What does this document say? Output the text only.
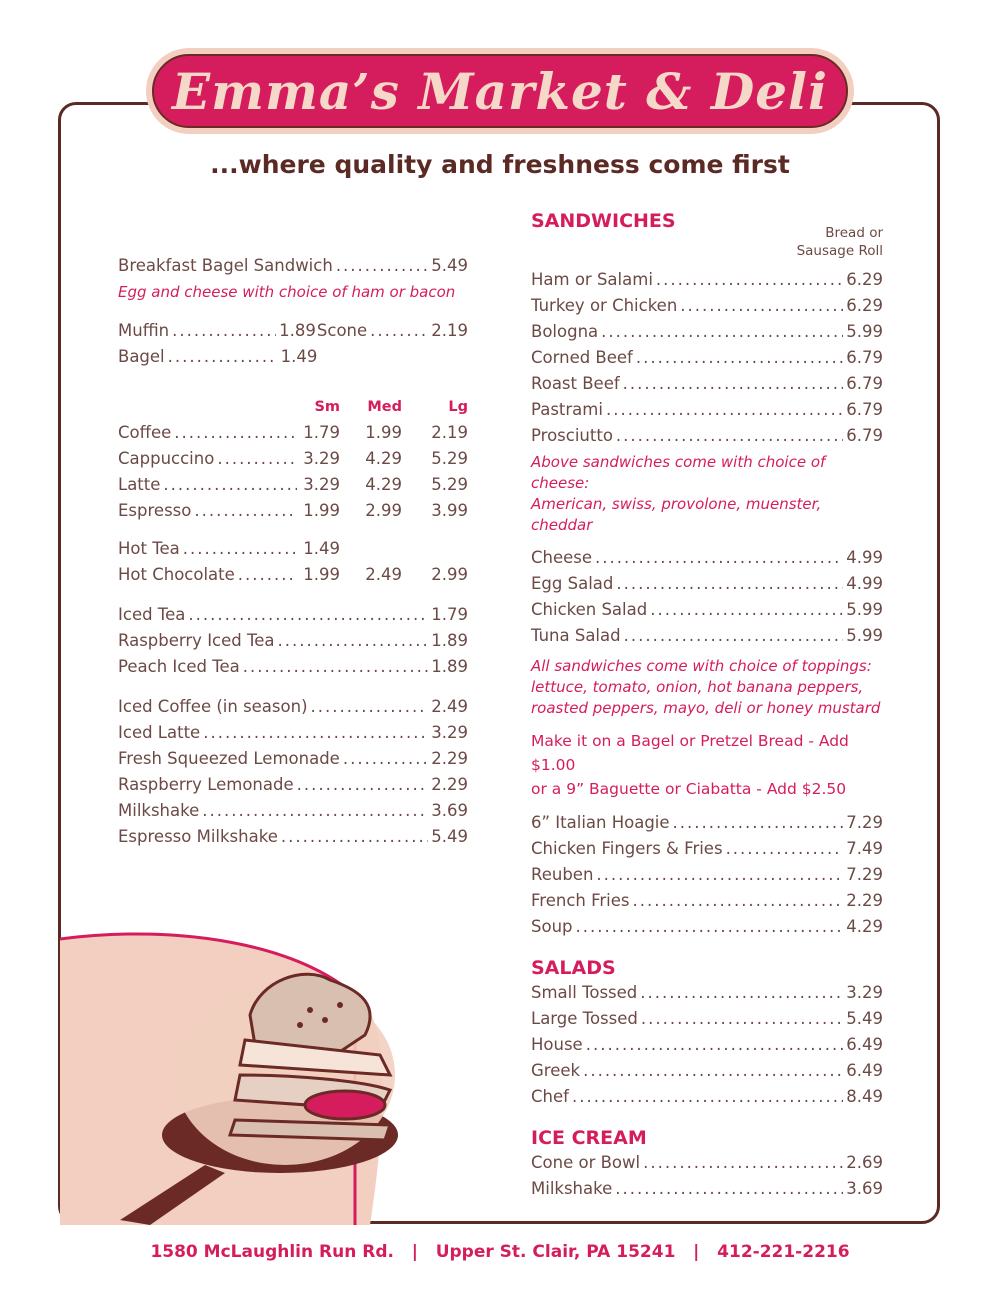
Emma’s Market & Deli
...where quality and freshness come first
Breakfast Bagel Sandwich .....	5.49
Egg and cheese with choice of ham or bacon
Muffin .....	1.89 Scone .....	2.19
Bagel .....	1.49
Sm	Med	Lg
Coffee .....	1.79	1.99	2.19
Cappuccino .....	3.29	4.29	5.29
Latte .....	3.29	4.29	5.29
Espresso .....	1.99	2.99	3.99
Hot Tea .....	1.49
Hot Chocolate .....	1.99	2.49	2.99
Iced Tea .....	1.79
Raspberry Iced Tea .....	1.89
Peach Iced Tea .....	1.89
Iced Coffee (in season) .....	2.49
Iced Latte .....	3.29
Fresh Squeezed Lemonade .....	2.29
Raspberry Lemonade .....	2.29
Milkshake .....	3.69
Espresso Milkshake .....	5.49
SANDWICHES
Bread or
Sausage Roll
Ham or Salami .....	6.29
Turkey or Chicken .....	6.29
Bologna .....	5.99
Corned Beef .....	6.79
Roast Beef .....	6.79
Pastrami .....	6.79
Prosciutto .....	6.79
Above sandwiches come with choice of cheese:
American, swiss, provolone, muenster, cheddar
Cheese .....	4.99
Egg Salad .....	4.99
Chicken Salad .....	5.99
Tuna Salad .....	5.99
All sandwiches come with choice of toppings:
lettuce, tomato, onion, hot banana peppers,
roasted peppers, mayo, deli or honey mustard
Make it on a Bagel or Pretzel Bread - Add $1.00
or a 9” Baguette or Ciabatta - Add $2.50
6” Italian Hoagie .....	7.29
Chicken Fingers & Fries .....	7.49
Reuben .....	7.29
French Fries .....	2.29
Soup .....	4.29
SALADS
Small Tossed .....	3.29
Large Tossed .....	5.49
House .....	6.49
Greek .....	6.49
Chef .....	8.49
ICE CREAM
Cone or Bowl .....	2.69
Milkshake .....	3.69
1580 McLaughlin Run Rd. | Upper St. Clair, PA 15241 | 412-221-2216
